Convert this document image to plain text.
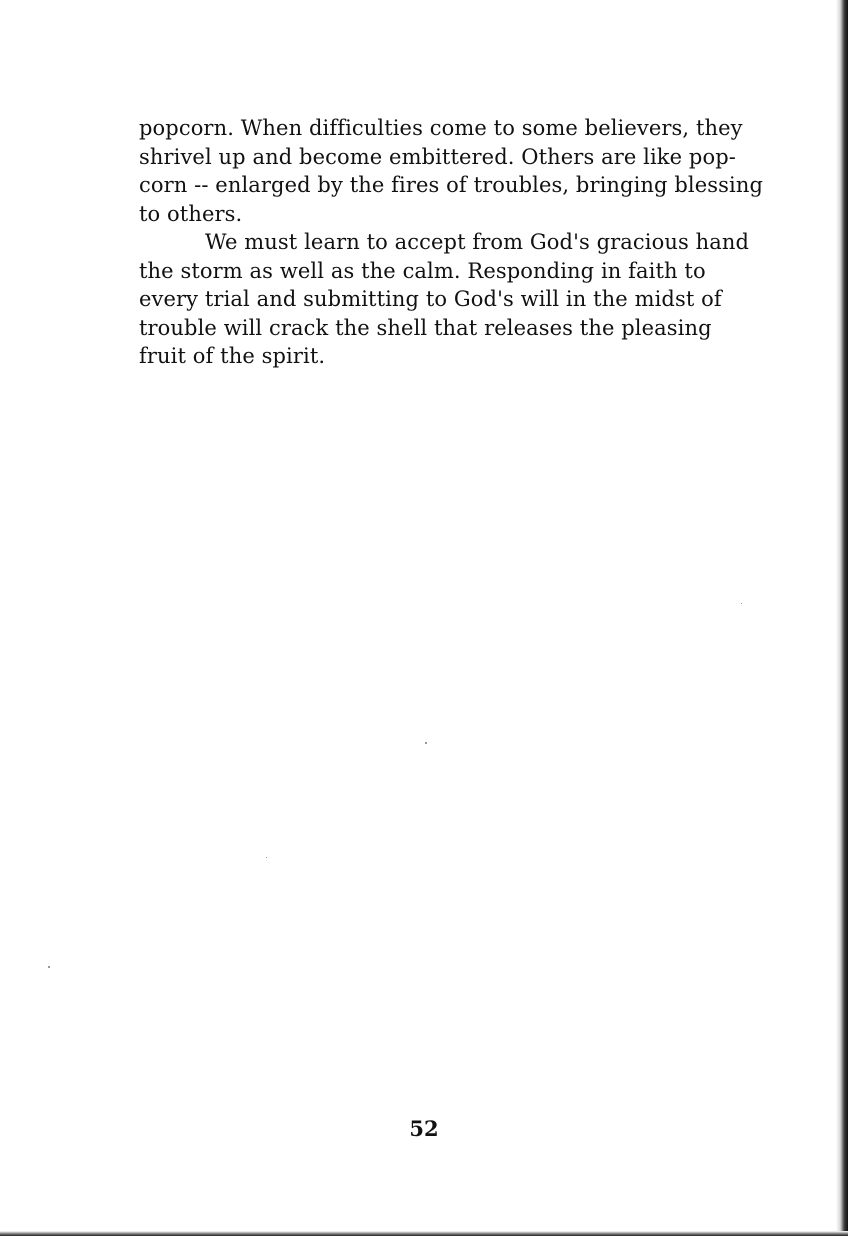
popcorn. When difficulties come to some believers, they
shrivel up and become embittered. Others are like pop-
corn -- enlarged by the fires of troubles, bringing blessing
to others.
We must learn to accept from God's gracious hand
the storm as well as the calm. Responding in faith to
every trial and submitting to God's will in the midst of
trouble will crack the shell that releases the pleasing
fruit of the spirit.
52
